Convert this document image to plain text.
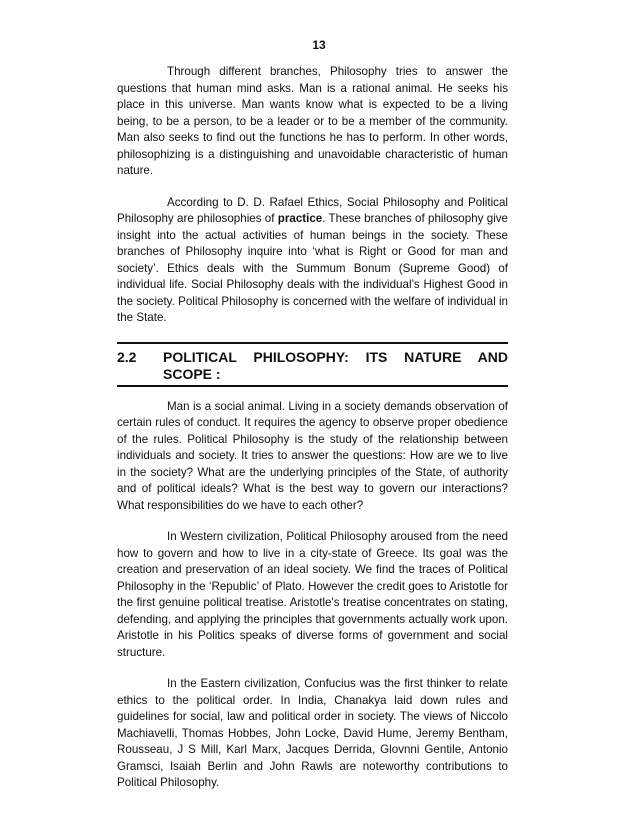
13

Through different branches, Philosophy tries to answer the questions that human mind asks. Man is a rational animal. He seeks his place in this universe. Man wants know what is expected to be a living being, to be a person, to be a leader or to be a member of the community. Man also seeks to find out the functions he has to perform. In other words, philosophizing is a distinguishing and unavoidable characteristic of human nature.

According to D. D. Rafael Ethics, Social Philosophy and Political Philosophy are philosophies of practice. These branches of philosophy give insight into the actual activities of human beings in the society. These branches of Philosophy inquire into ‘what is Right or Good for man and society’. Ethics deals with the Summum Bonum (Supreme Good) of individual life. Social Philosophy deals with the individual’s Highest Good in the society. Political Philosophy is concerned with the welfare of individual in the State.

2.2	POLITICAL PHILOSOPHY: ITS NATURE AND SCOPE :

Man is a social animal. Living in a society demands observation of certain rules of conduct. It requires the agency to observe proper obedience of the rules. Political Philosophy is the study of the relationship between individuals and society. It tries to answer the questions: How are we to live in the society? What are the underlying principles of the State, of authority and of political ideals? What is the best way to govern our interactions? What responsibilities do we have to each other?

In Western civilization, Political Philosophy aroused from the need how to govern and how to live in a city-state of Greece. Its goal was the creation and preservation of an ideal society. We find the traces of Political Philosophy in the ‘Republic’ of Plato. However the credit goes to Aristotle for the first genuine political treatise. Aristotle's treatise concentrates on stating, defending, and applying the principles that governments actually work upon. Aristotle in his Politics speaks of diverse forms of government and social structure.

In the Eastern civilization, Confucius was the first thinker to relate ethics to the political order. In India, Chanakya laid down rules and guidelines for social, law and political order in society. The views of Niccolo Machiavelli, Thomas Hobbes, John Locke, David Hume, Jeremy Bentham, Rousseau, J S Mill, Karl Marx, Jacques Derrida, Glovnni Gentile, Antonio Gramsci, Isaiah Berlin and John Rawls are noteworthy contributions to Political Philosophy.
